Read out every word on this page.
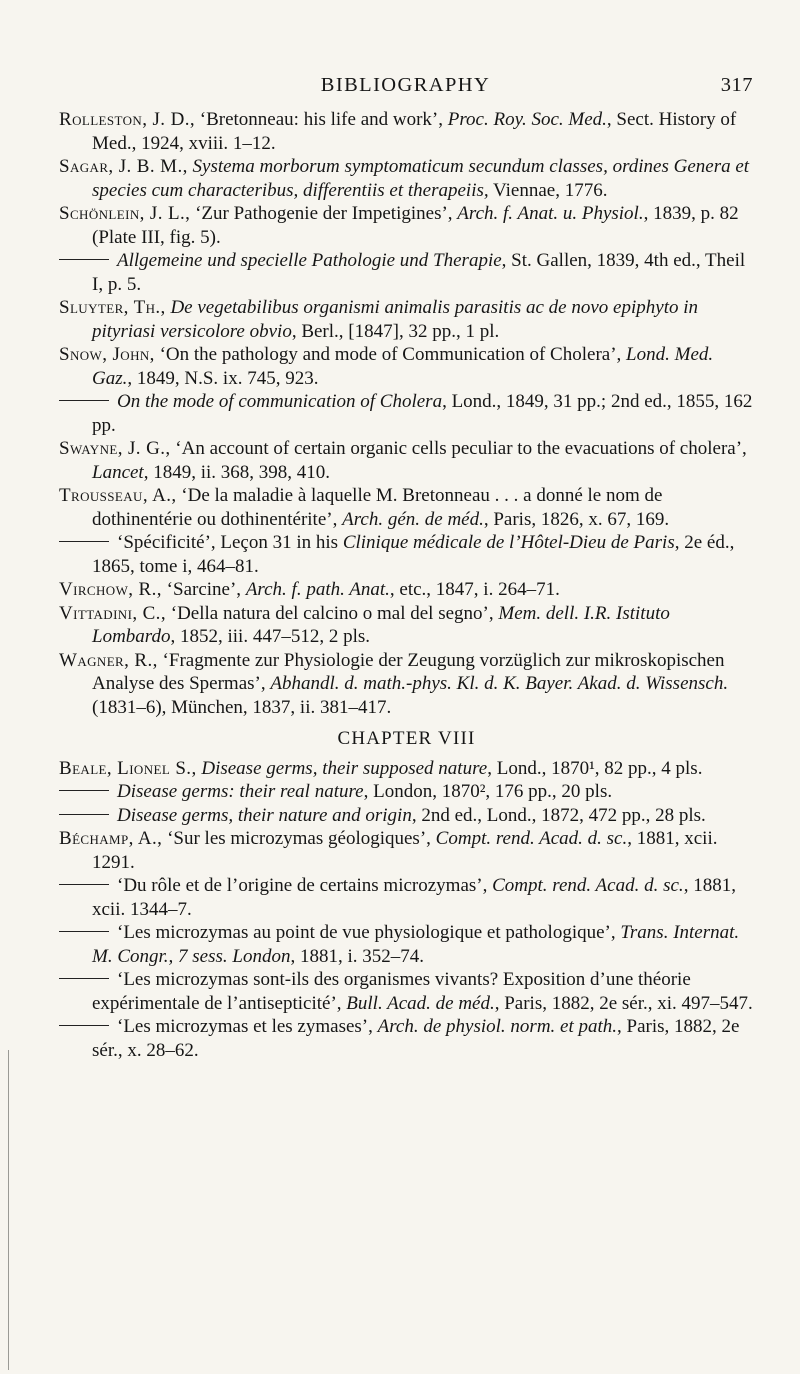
BIBLIOGRAPHY	317

Rolleston, J. D., ‘Bretonneau: his life and work’, Proc. Roy. Soc. Med., Sect. History of Med., 1924, xviii. 1–12.

Sagar, J. B. M., Systema morborum symptomaticum secundum classes, ordines Genera et species cum characteribus, differentiis et therapeiis, Viennae, 1776.

Schönlein, J. L., ‘Zur Pathogenie der Impetigines’, Arch. f. Anat. u. Physiol., 1839, p. 82 (Plate III, fig. 5).

Allgemeine und specielle Pathologie und Therapie, St. Gallen, 1839, 4th ed., Theil I, p. 5.

Sluyter, Th., De vegetabilibus organismi animalis parasitis ac de novo epiphyto in pityriasi versicolore obvio, Berl., [1847], 32 pp., 1 pl.

Snow, John, ‘On the pathology and mode of Communication of Cholera’, Lond. Med. Gaz., 1849, N.S. ix. 745, 923.

On the mode of communication of Cholera, Lond., 1849, 31 pp.; 2nd ed., 1855, 162 pp.

Swayne, J. G., ‘An account of certain organic cells peculiar to the evacuations of cholera’, Lancet, 1849, ii. 368, 398, 410.

Trousseau, A., ‘De la maladie à laquelle M. Bretonneau . . . a donné le nom de dothinentérie ou dothinentérite’, Arch. gén. de méd., Paris, 1826, x. 67, 169.

‘Spécificité’, Leçon 31 in his Clinique médicale de l’Hôtel-Dieu de Paris, 2e éd., 1865, tome i, 464–81.

Virchow, R., ‘Sarcine’, Arch. f. path. Anat., etc., 1847, i. 264–71.

Vittadini, C., ‘Della natura del calcino o mal del segno’, Mem. dell. I.R. Istituto Lombardo, 1852, iii. 447–512, 2 pls.

Wagner, R., ‘Fragmente zur Physiologie der Zeugung vorzüglich zur mikroskopischen Analyse des Spermas’, Abhandl. d. math.-phys. Kl. d. K. Bayer. Akad. d. Wissensch. (1831–6), München, 1837, ii. 381–417.

CHAPTER VIII

Beale, Lionel S., Disease germs, their supposed nature, Lond., 1870¹, 82 pp., 4 pls.

Disease germs: their real nature, London, 1870², 176 pp., 20 pls.

Disease germs, their nature and origin, 2nd ed., Lond., 1872, 472 pp., 28 pls.

Béchamp, A., ‘Sur les microzymas géologiques’, Compt. rend. Acad. d. sc., 1881, xcii. 1291.

‘Du rôle et de l’origine de certains microzymas’, Compt. rend. Acad. d. sc., 1881, xcii. 1344–7.

‘Les microzymas au point de vue physiologique et pathologique’, Trans. Internat. M. Congr., 7 sess. London, 1881, i. 352–74.

‘Les microzymas sont-ils des organismes vivants? Exposition d’une théorie expérimentale de l’antisepticité’, Bull. Acad. de méd., Paris, 1882, 2e sér., xi. 497–547.

‘Les microzymas et les zymases’, Arch. de physiol. norm. et path., Paris, 1882, 2e sér., x. 28–62.
